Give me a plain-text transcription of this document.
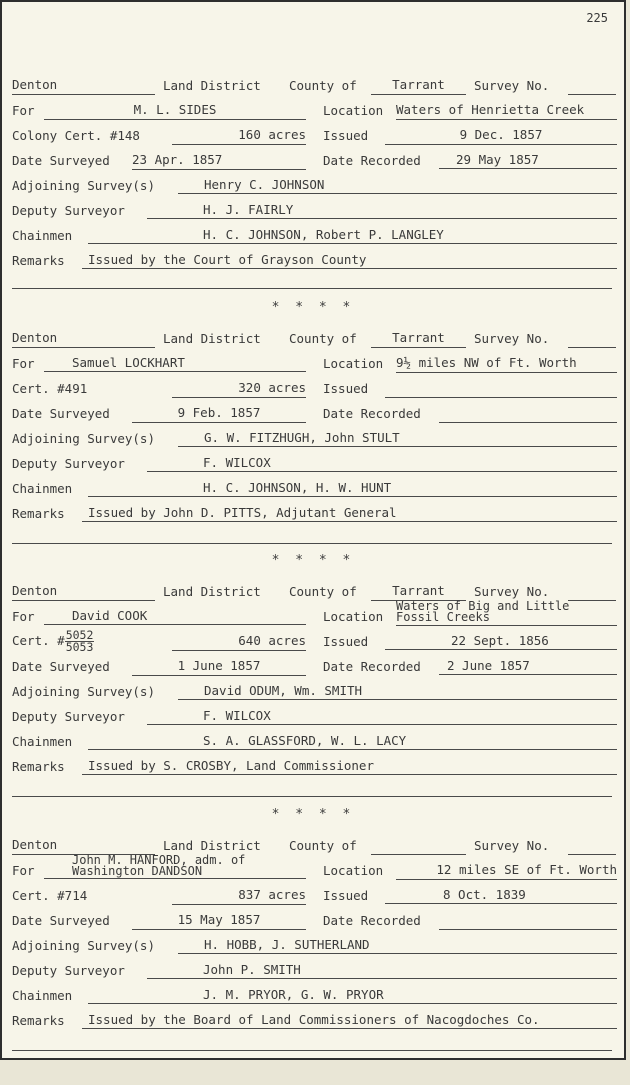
225
Denton	Land District County of	Tarrant	Survey No.
For	M. L. SIDES	Location Waters of Henrietta Creek
Colony Cert. #148	160 acres Issued	9 Dec. 1857
Date Surveyed 23 Apr. 1857	Date Recorded	29 May 1857
Adjoining Survey(s)	Henry C. JOHNSON
Deputy Surveyor	H. J. FAIRLY
Chainmen	H. C. JOHNSON, Robert P. LANGLEY
Remarks	Issued by the Court of Grayson County
* * * *
Denton	Land District County of	Tarrant	Survey No.
For	Samuel LOCKHART	Location 9½ miles NW of Ft. Worth
Cert. #491	320 acres Issued
Date Surveyed	9 Feb. 1857	Date Recorded
Adjoining Survey(s)	G. W. FITZHUGH, John STULT
Deputy Surveyor	F. WILCOX
Chainmen	H. C. JOHNSON, H. W. HUNT
Remarks	Issued by John D. PITTS, Adjutant General
* * * *
Denton	Land District County of	Tarrant	Survey No.
For	David COOK	Location
Waters of Big and Little
Fossil Creeks
Cert. # $\frac{5052}{5053}$	640 acres Issued	22 Sept. 1856
Date Surveyed	1 June 1857	Date Recorded	2 June 1857
Adjoining Survey(s)	David ODUM, Wm. SMITH
Deputy Surveyor	F. WILCOX
Chainmen	S. A. GLASSFORD, W. L. LACY
Remarks	Issued by S. CROSBY, Land Commissioner
* * * *
Denton	Land District County of	Survey No.
For
John M. HANFORD, adm. of
Washington DANDSON	Location	12 miles SE of Ft. Worth
Cert. #714	837 acres Issued	8 Oct. 1839
Date Surveyed	15 May 1857	Date Recorded
Adjoining Survey(s)	H. HOBB, J. SUTHERLAND
Deputy Surveyor	John P. SMITH
Chainmen	J. M. PRYOR, G. W. PRYOR
Remarks	Issued by the Board of Land Commissioners of Nacogdoches Co.
